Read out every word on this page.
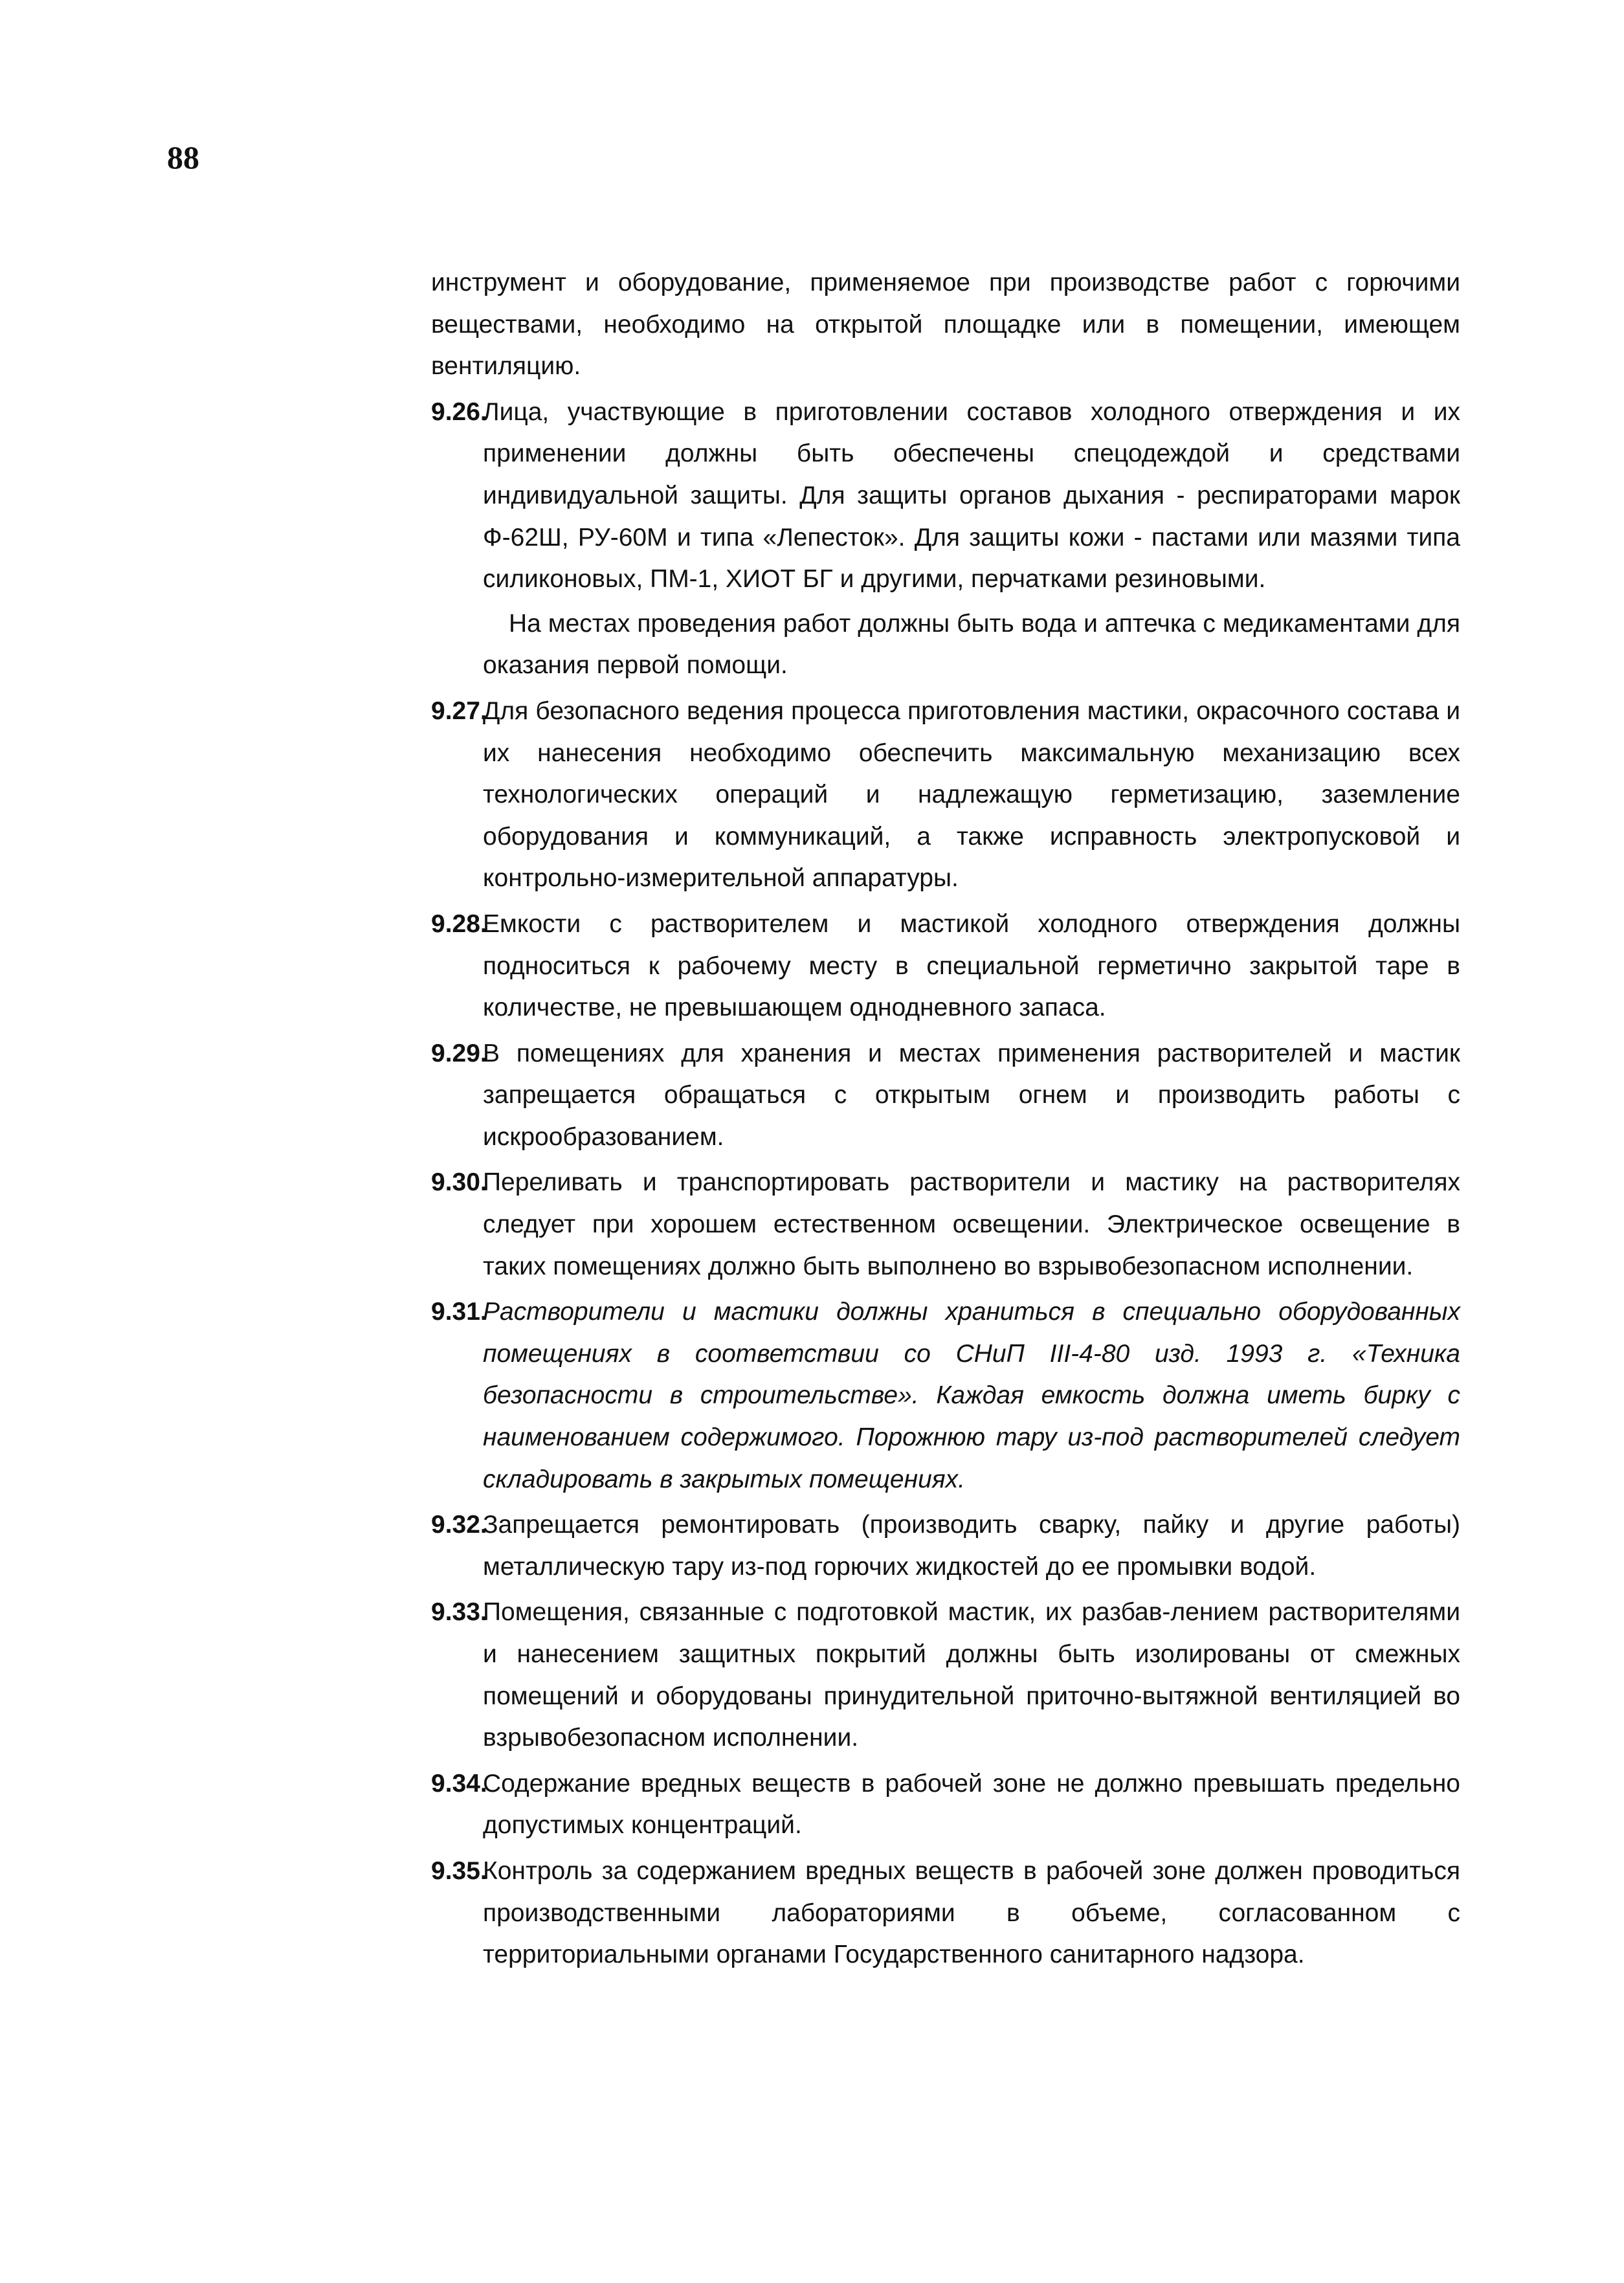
88

инструмент и оборудование, применяемое при производстве работ с горючими веществами, необходимо на открытой площадке или в помещении, имеющем вентиляцию.

9.26.
Лица, участвующие в приготовлении составов холодного отверждения и их применении должны быть обеспечены спецодеждой и средствами индивидуальной защиты. Для защиты органов дыхания - респираторами марок Ф-62Ш, РУ-60М и типа «Лепесток». Для защиты кожи - пастами или мазями типа силиконовых, ПМ-1, ХИОТ БГ и другими, перчатками резиновыми.
На местах проведения работ должны быть вода и аптечка с медикаментами для оказания первой помощи.
9.27.
Для безопасного ведения процесса приготовления мастики, окрасочного состава и их нанесения необходимо обеспечить максимальную механизацию всех технологических операций и надлежащую герметизацию, заземление оборудования и коммуникаций, а также исправность электропусковой и контрольно-измерительной аппаратуры.
9.28.
Емкости с растворителем и мастикой холодного отверждения должны подноситься к рабочему месту в специальной герметично закрытой таре в количестве, не превышающем однодневного запаса.
9.29.
В помещениях для хранения и местах применения растворителей и мастик запрещается обращаться с открытым огнем и производить работы с искрообразованием.
9.30.
Переливать и транспортировать растворители и мастику на растворителях следует при хорошем естественном освещении. Электрическое освещение в таких помещениях должно быть выполнено во взрывобезопасном исполнении.
9.31.
Растворители и мастики должны храниться в специально оборудованных помещениях в соответствии со СНиП III-4-80 изд. 1993 г. «Техника безопасности в строительстве». Каждая емкость должна иметь бирку с наименованием содержимого. Порожнюю тару из-под растворителей следует складировать в закрытых помещениях.
9.32.
Запрещается ремонтировать (производить сварку, пайку и другие работы) металлическую тару из-под горючих жидкостей до ее промывки водой.
9.33.
Помещения, связанные с подготовкой мастик, их разбав-лением растворителями и нанесением защитных покрытий должны быть изолированы от смежных помещений и оборудованы принудительной приточно-вытяжной вентиляцией во взрывобезопасном исполнении.
9.34.
Содержание вредных веществ в рабочей зоне не должно превышать предельно допустимых концентраций.
9.35.
Контроль за содержанием вредных веществ в рабочей зоне должен проводиться производственными лабораториями в объеме, согласованном с территориальными органами Государственного санитарного надзора.
